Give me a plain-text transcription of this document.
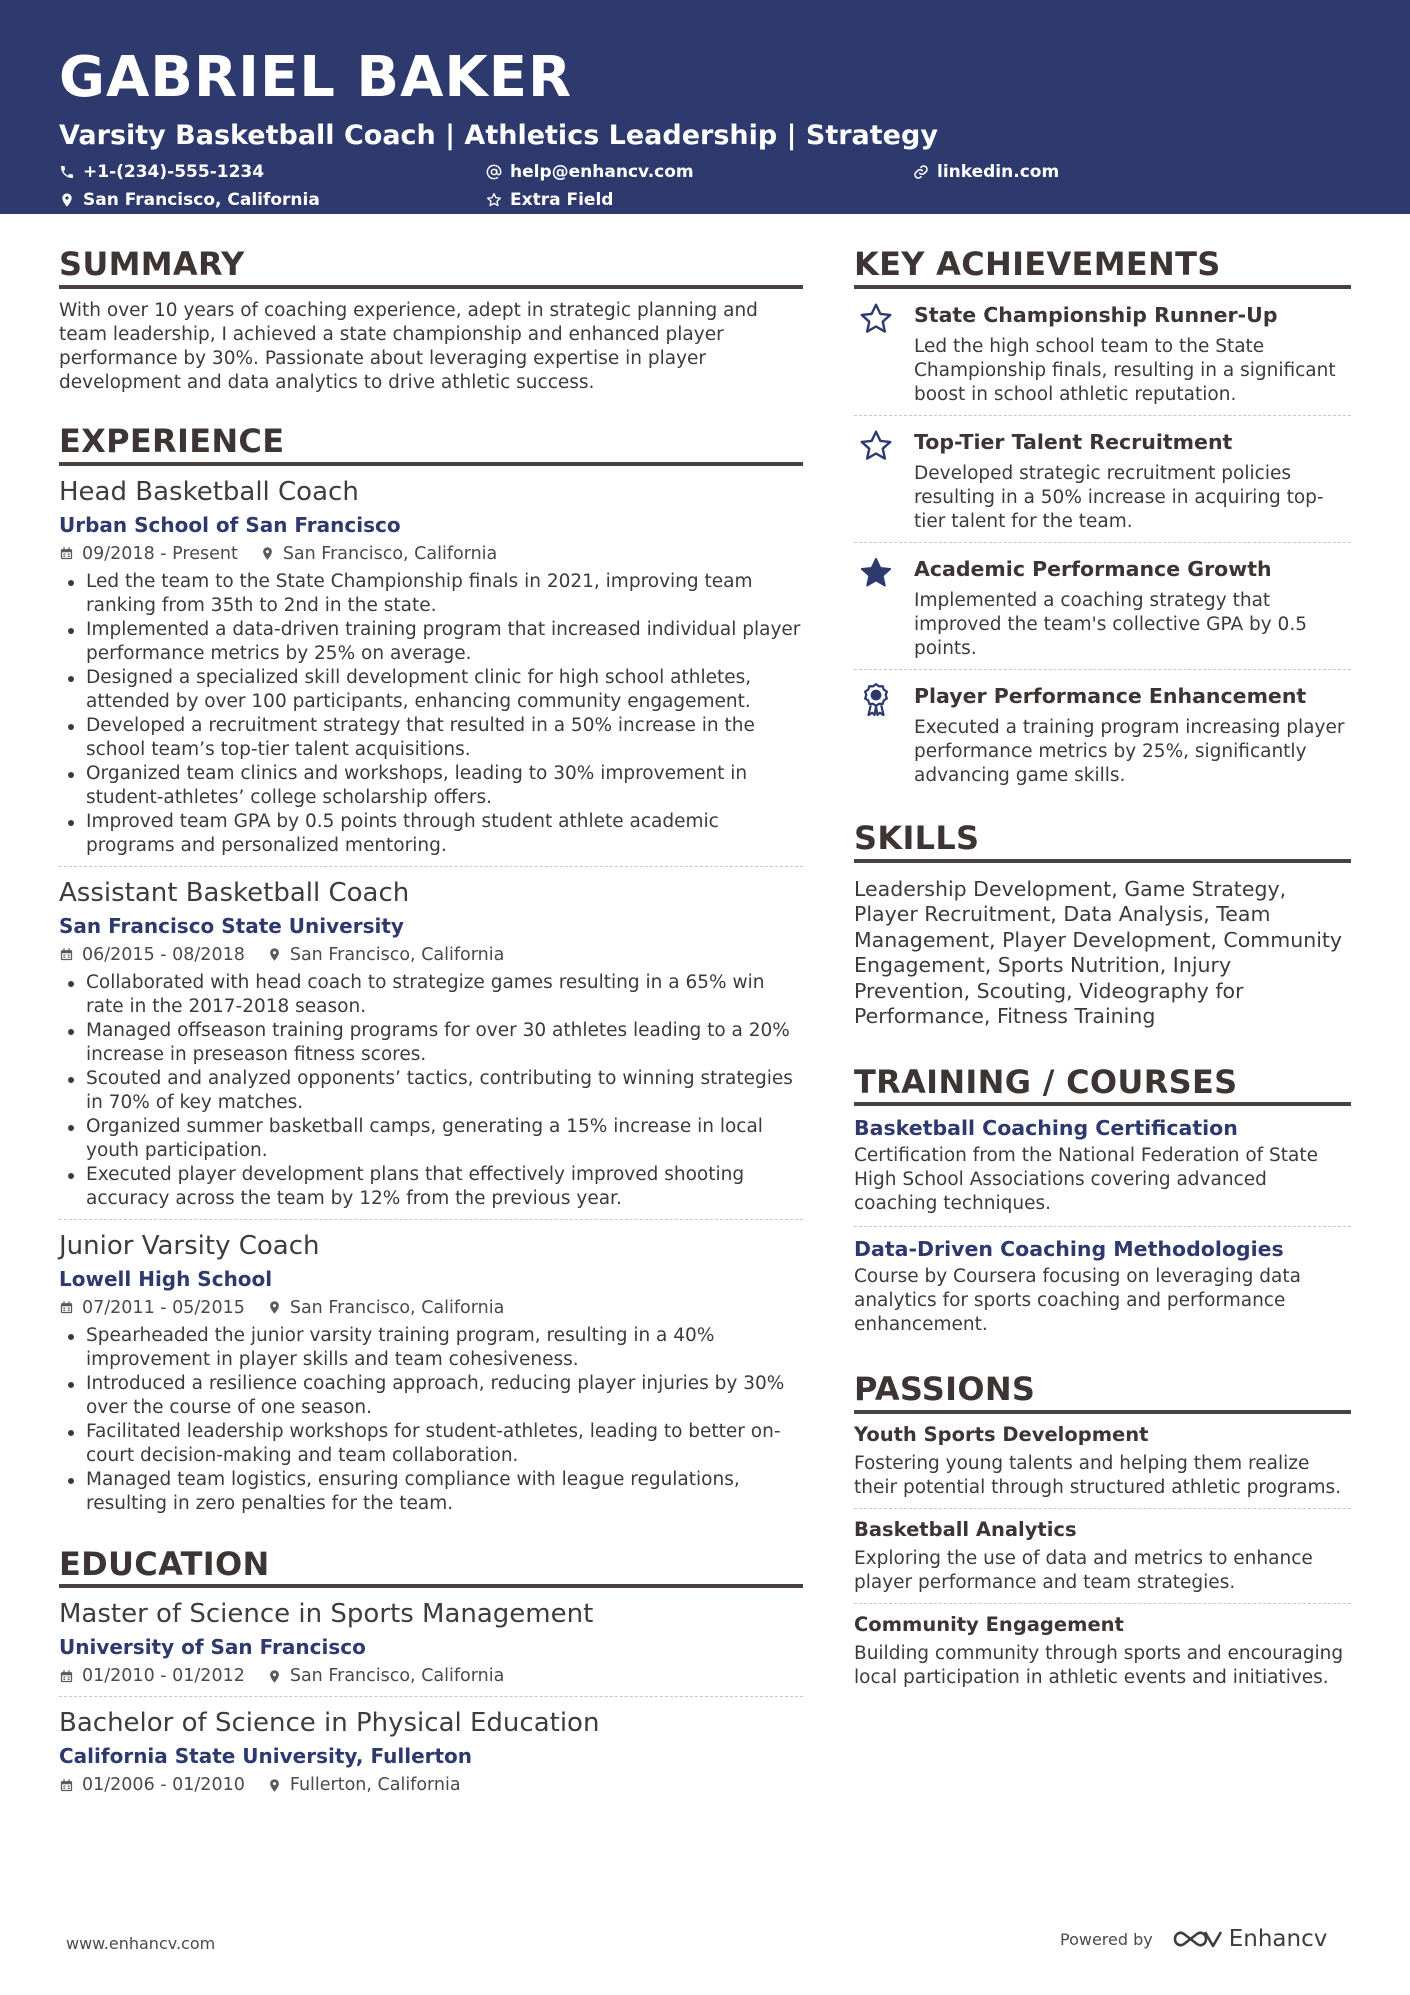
GABRIEL BAKER
Varsity Basketball Coach | Athletics Leadership | Strategy
+1-(234)-555-1234	help@enhancv.com	linkedin.com
San Francisco, California	Extra Field
SUMMARY
With over 10 years of coaching experience, adept in strategic planning and team leadership, I achieved a state championship and enhanced player performance by 30%. Passionate about leveraging expertise in player development and data analytics to drive athletic success.
EXPERIENCE
Head Basketball Coach
Urban School of San Francisco
09/2018 - Present	San Francisco, California
Led the team to the State Championship finals in 2021, improving team ranking from 35th to 2nd in the state.
Implemented a data-driven training program that increased individual player performance metrics by 25% on average.
Designed a specialized skill development clinic for high school athletes, attended by over 100 participants, enhancing community engagement.
Developed a recruitment strategy that resulted in a 50% increase in the school team’s top-tier talent acquisitions.
Organized team clinics and workshops, leading to 30% improvement in student-athletes’ college scholarship offers.
Improved team GPA by 0.5 points through student athlete academic programs and personalized mentoring.
Assistant Basketball Coach
San Francisco State University
06/2015 - 08/2018	San Francisco, California
Collaborated with head coach to strategize games resulting in a 65% win rate in the 2017-2018 season.
Managed offseason training programs for over 30 athletes leading to a 20% increase in preseason fitness scores.
Scouted and analyzed opponents’ tactics, contributing to winning strategies in 70% of key matches.
Organized summer basketball camps, generating a 15% increase in local youth participation.
Executed player development plans that effectively improved shooting accuracy across the team by 12% from the previous year.
Junior Varsity Coach
Lowell High School
07/2011 - 05/2015	San Francisco, California
Spearheaded the junior varsity training program, resulting in a 40% improvement in player skills and team cohesiveness.
Introduced a resilience coaching approach, reducing player injuries by 30% over the course of one season.
Facilitated leadership workshops for student-athletes, leading to better on-court decision-making and team collaboration.
Managed team logistics, ensuring compliance with league regulations, resulting in zero penalties for the team.
EDUCATION
Master of Science in Sports Management
University of San Francisco
01/2010 - 01/2012	San Francisco, California
Bachelor of Science in Physical Education
California State University, Fullerton
01/2006 - 01/2010	Fullerton, California
KEY ACHIEVEMENTS
State Championship Runner-Up
Led the high school team to the State Championship finals, resulting in a significant boost in school athletic reputation.
Top-Tier Talent Recruitment
Developed strategic recruitment policies resulting in a 50% increase in acquiring top-tier talent for the team.
Academic Performance Growth
Implemented a coaching strategy that improved the team's collective GPA by 0.5 points.
Player Performance Enhancement
Executed a training program increasing player performance metrics by 25%, significantly advancing game skills.
SKILLS
Leadership Development, Game Strategy, Player Recruitment, Data Analysis, Team Management, Player Development, Community Engagement, Sports Nutrition, Injury Prevention, Scouting, Videography for Performance, Fitness Training
TRAINING / COURSES
Basketball Coaching Certification
Certification from the National Federation of State High School Associations covering advanced coaching techniques.
Data-Driven Coaching Methodologies
Course by Coursera focusing on leveraging data analytics for sports coaching and performance enhancement.
PASSIONS
Youth Sports Development
Fostering young talents and helping them realize their potential through structured athletic programs.
Basketball Analytics
Exploring the use of data and metrics to enhance player performance and team strategies.
Community Engagement
Building community through sports and encouraging local participation in athletic events and initiatives.
www.enhancv.com	Powered by	Enhancv
